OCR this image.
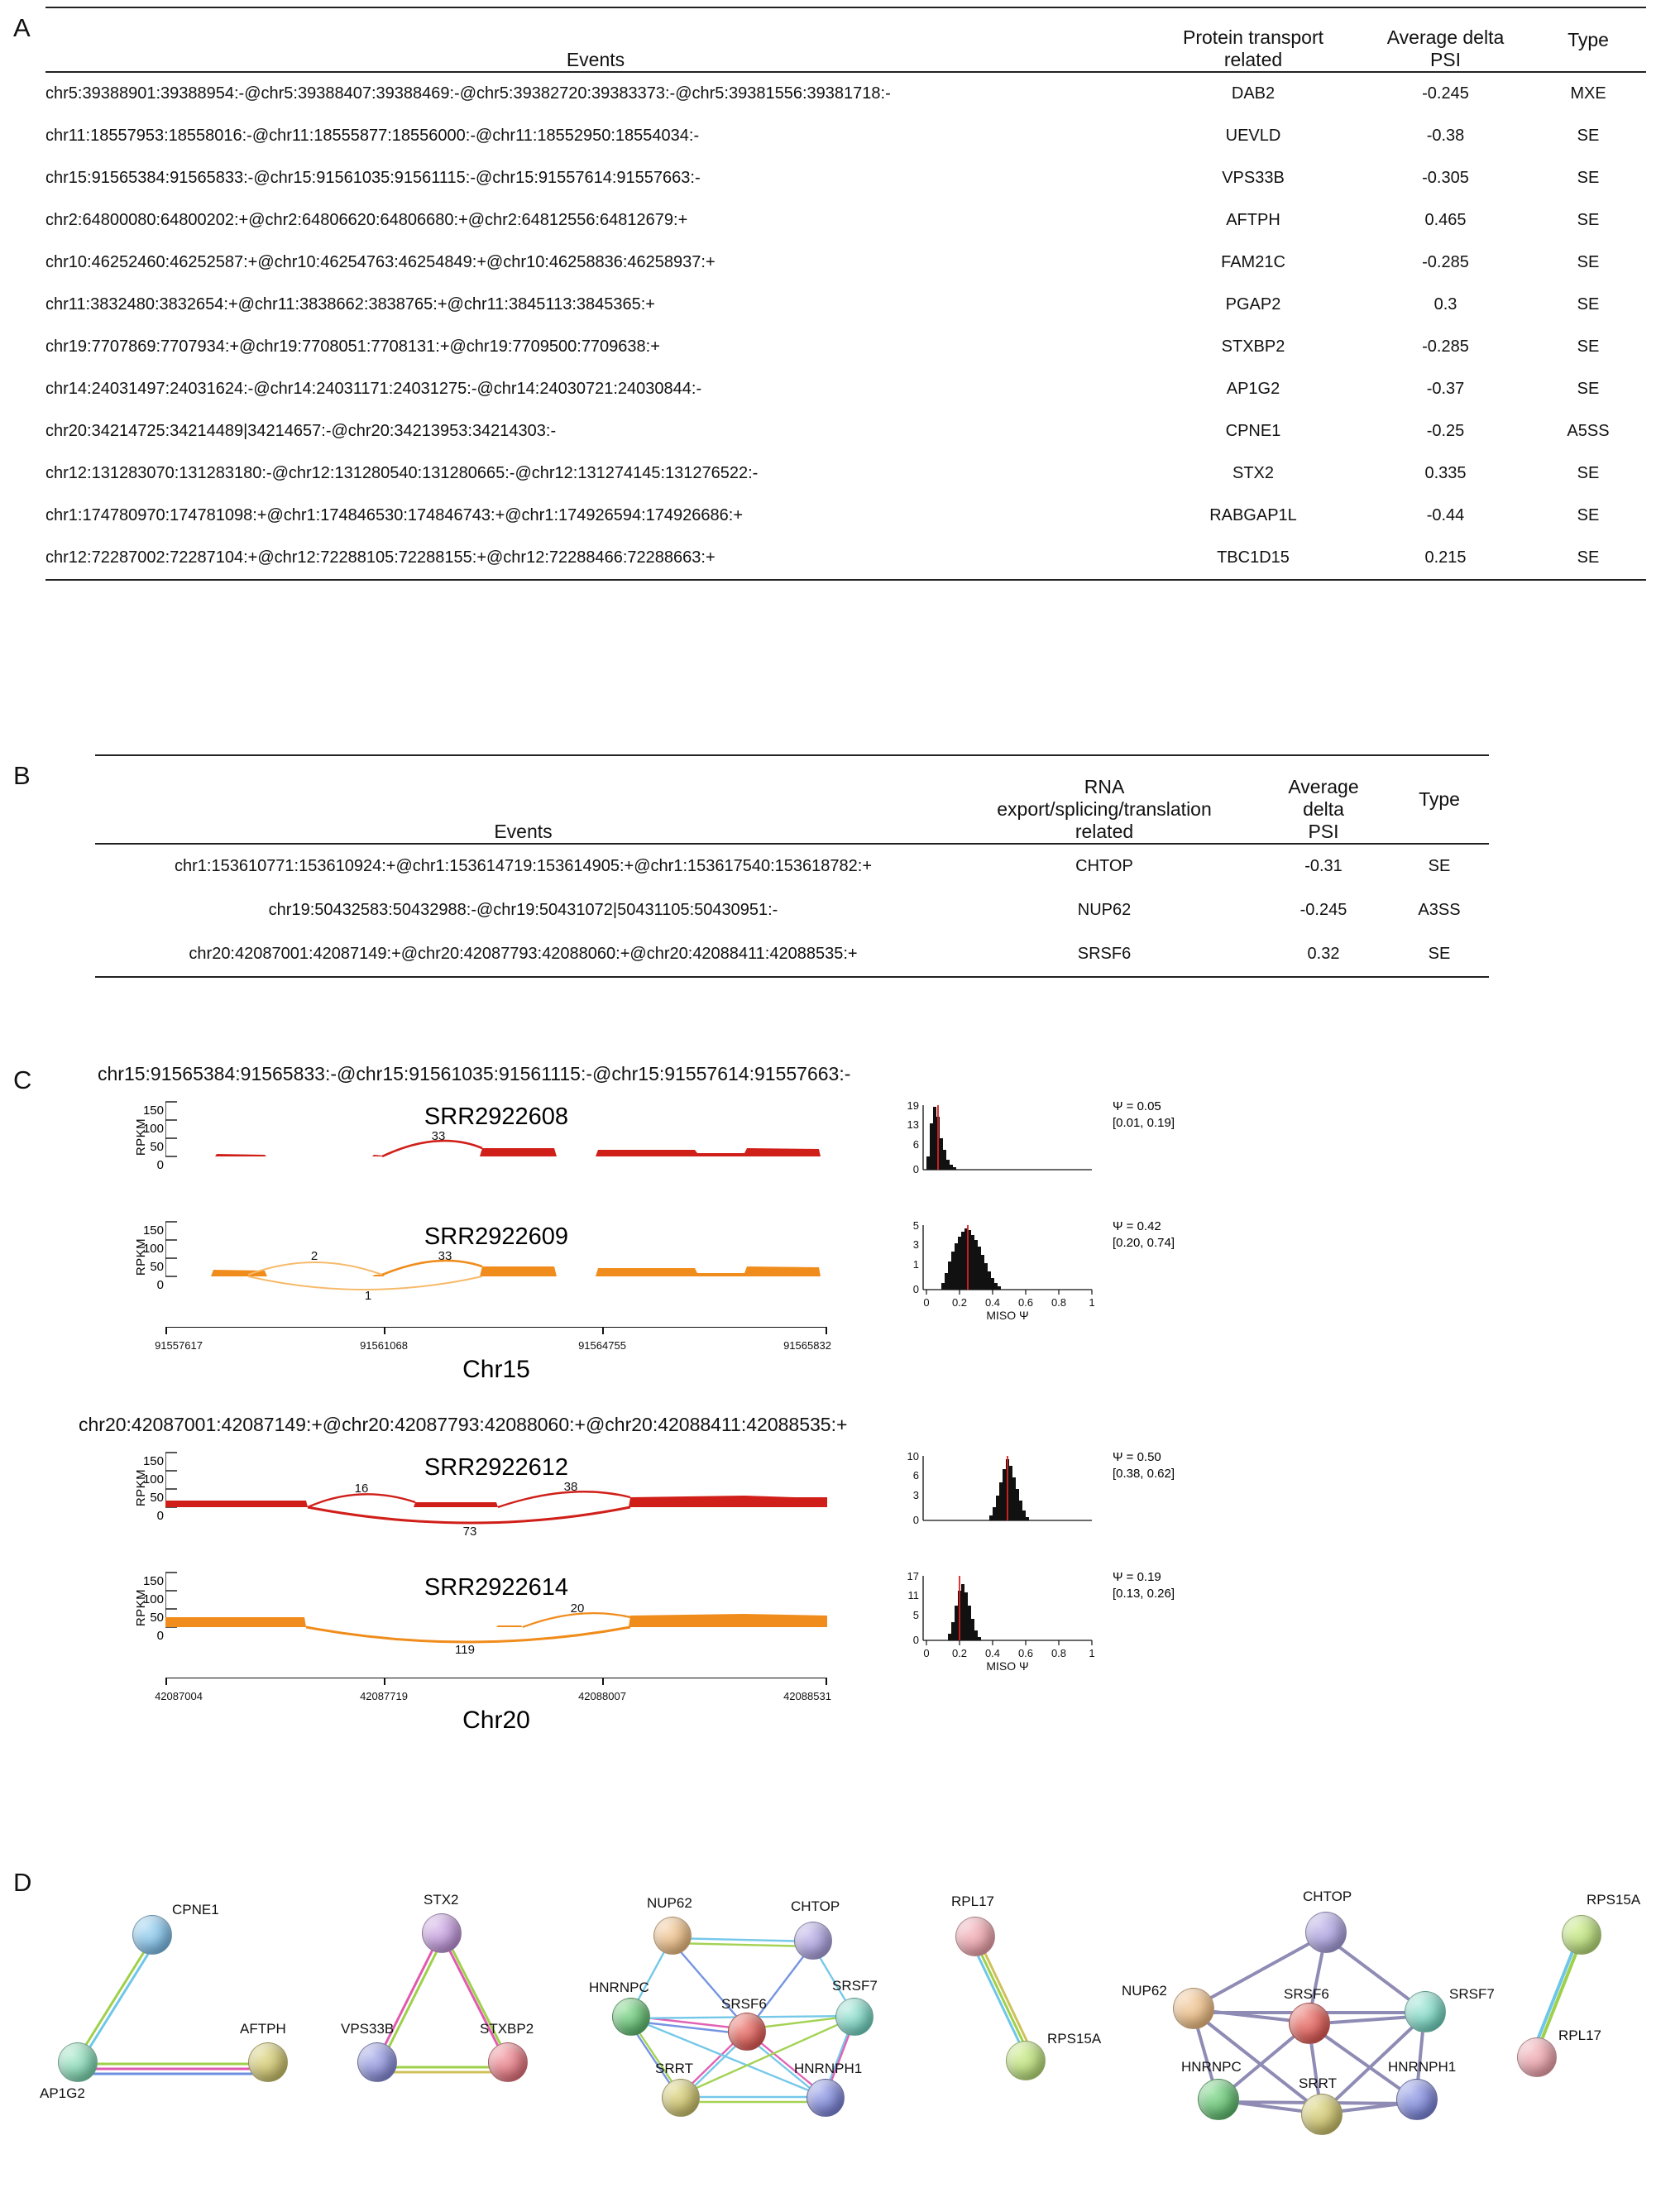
A
Events	
Protein transport
related

Average delta
PSI
	Type
chr5:39388901:39388954:-@chr5:39388407:39388469:-@chr5:39382720:39383373:-@chr5:39381556:39381718:-	DAB2	-0.245	MXE
chr11:18557953:18558016:-@chr11:18555877:18556000:-@chr11:18552950:18554034:-	UEVLD	-0.38	SE
chr15:91565384:91565833:-@chr15:91561035:91561115:-@chr15:91557614:91557663:-	VPS33B	-0.305	SE
chr2:64800080:64800202:+@chr2:64806620:64806680:+@chr2:64812556:64812679:+	AFTPH	0.465	SE
chr10:46252460:46252587:+@chr10:46254763:46254849:+@chr10:46258836:46258937:+	FAM21C	-0.285	SE
chr11:3832480:3832654:+@chr11:3838662:3838765:+@chr11:3845113:3845365:+	PGAP2	0.3	SE
chr19:7707869:7707934:+@chr19:7708051:7708131:+@chr19:7709500:7709638:+	STXBP2	-0.285	SE
chr14:24031497:24031624:-@chr14:24031171:24031275:-@chr14:24030721:24030844:-	AP1G2	-0.37	SE
chr20:34214725:34214489|34214657:-@chr20:34213953:34214303:-	CPNE1	-0.25	A5SS
chr12:131283070:131283180:-@chr12:131280540:131280665:-@chr12:131274145:131276522:-	STX2	0.335	SE
chr1:174780970:174781098:+@chr1:174846530:174846743:+@chr1:174926594:174926686:+	RABGAP1L	-0.44	SE
chr12:72287002:72287104:+@chr12:72288105:72288155:+@chr12:72288466:72288663:+	TBC1D15	0.215	SE
B
Events	
RNA
export/splicing/translation
related

Average
delta
PSI
	Type
chr1:153610771:153610924:+@chr1:153614719:153614905:+@chr1:153617540:153618782:+	CHTOP	-0.31	SE
chr19:50432583:50432988:-@chr19:50431072|50431105:50430951:-	NUP62	-0.245	A3SS
chr20:42087001:42087149:+@chr20:42087793:42088060:+@chr20:42088411:42088535:+	SRSF6	0.32	SE
C	chr15:91565384:91565833:-@chr15:91561035:91561115:-@chr15:91557614:91557663:-
RPKM
150
100
50
0
SRR2922608
33
Ψ = 0.05
[0.01, 0.19]
19
13
6
0
RPKM
150
100
50
0
SRR2922609
2	33
1
Ψ = 0.42
[0.20, 0.74]
5
3
1
0
0 0.2 0.4 0.6 0.8 1
MISO Ψ
91557617	91561068	91564755	91565832
Chr15
chr20:42087001:42087149:+@chr20:42087793:42088060:+@chr20:42088411:42088535:+
RPKM
150
100
50
0
SRR2922612
16	38
73
Ψ = 0.50
[0.38, 0.62]
10
6
3
0
RPKM
150
100
50
0
SRR2922614
20
119
Ψ = 0.19
[0.13, 0.26]
17
11
5
0
0 0.2 0.4 0.6 0.8 1
MISO Ψ
42087004	42087719	42088007	42088531
Chr20
D
CPNE1
AP1G2
AFTPH
STX2
VPS33B	STXBP2
NUP62	CHTOP
HNRNPC	SRSF7
SRSF6
SRRT	HNRNPH1
RPL17
RPS15A
CHTOP
NUP62	SRSF7
SRSF6
HNRNPC
SRRT
HNRNPH1
RPS15A
RPL17
